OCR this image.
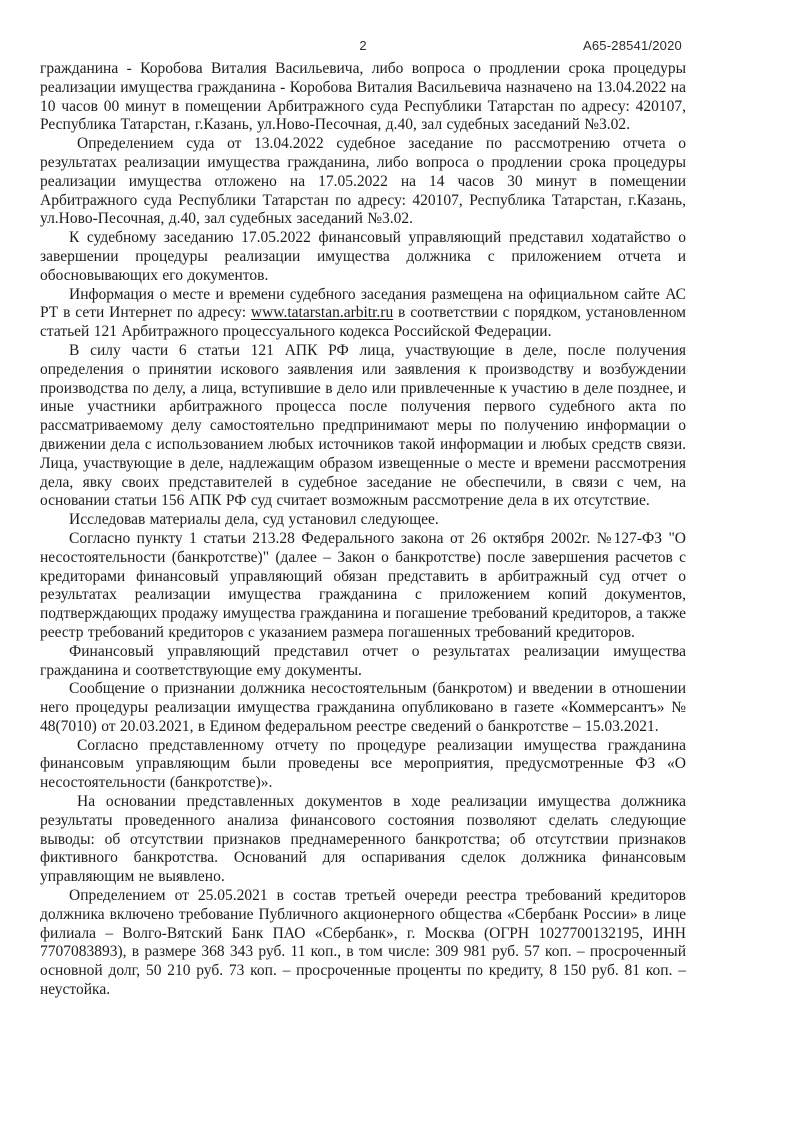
2	А65-28541/2020

гражданина - Коробова Виталия Васильевича, либо вопроса о продлении срока процедуры реализации имущества гражданина - Коробова Виталия Васильевича назначено на 13.04.2022 на 10 часов 00 минут в помещении Арбитражного суда Республики Татарстан по адресу: 420107, Республика Татарстан, г.Казань, ул.Ново-Песочная, д.40, зал судебных заседаний №3.02.

Определением суда от 13.04.2022 судебное заседание по рассмотрению отчета о результатах реализации имущества гражданина, либо вопроса о продлении срока процедуры реализации имущества отложено на 17.05.2022 на 14 часов 30 минут в помещении Арбитражного суда Республики Татарстан по адресу: 420107, Республика Татарстан, г.Казань, ул.Ново-Песочная, д.40, зал судебных заседаний №3.02.

К судебному заседанию 17.05.2022 финансовый управляющий представил ходатайство о завершении процедуры реализации имущества должника с приложением отчета и обосновывающих его документов.

Информация о месте и времени судебного заседания размещена на официальном сайте АС РТ в сети Интернет по адресу: www.tatarstan.arbitr.ru в соответствии с порядком, установленном статьей 121 Арбитражного процессуального кодекса Российской Федерации.

В силу части 6 статьи 121 АПК РФ лица, участвующие в деле, после получения определения о принятии искового заявления или заявления к производству и возбуждении производства по делу, а лица, вступившие в дело или привлеченные к участию в деле позднее, и иные участники арбитражного процесса после получения первого судебного акта по рассматриваемому делу самостоятельно предпринимают меры по получению информации о движении дела с использованием любых источников такой информации и любых средств связи. Лица, участвующие в деле, надлежащим образом извещенные о месте и времени рассмотрения дела, явку своих представителей в судебное заседание не обеспечили, в связи с чем, на основании статьи 156 АПК РФ суд считает возможным рассмотрение дела в их отсутствие.

Исследовав материалы дела, суд установил следующее.

Согласно пункту 1 статьи 213.28 Федерального закона от 26 октября 2002г. №127-ФЗ "О несостоятельности (банкротстве)" (далее – Закон о банкротстве) после завершения расчетов с кредиторами финансовый управляющий обязан представить в арбитражный суд отчет о результатах реализации имущества гражданина с приложением копий документов, подтверждающих продажу имущества гражданина и погашение требований кредиторов, а также реестр требований кредиторов с указанием размера погашенных требований кредиторов.

Финансовый управляющий представил отчет о результатах реализации имущества гражданина и соответствующие ему документы.

Сообщение о признании должника несостоятельным (банкротом) и введении в отношении него процедуры реализации имущества гражданина опубликовано в газете «Коммерсантъ» № 48(7010) от 20.03.2021, в Едином федеральном реестре сведений о банкротстве – 15.03.2021.

Согласно представленному отчету по процедуре реализации имущества гражданина финансовым управляющим были проведены все мероприятия, предусмотренные ФЗ «О несостоятельности (банкротстве)».

На основании представленных документов в ходе реализации имущества должника результаты проведенного анализа финансового состояния позволяют сделать следующие выводы: об отсутствии признаков преднамеренного банкротства; об отсутствии признаков фиктивного банкротства. Оснований для оспаривания сделок должника финансовым управляющим не выявлено.

Определением от 25.05.2021 в состав третьей очереди реестра требований кредиторов должника включено требование Публичного акционерного общества «Сбербанк России» в лице филиала – Волго-Вятский Банк ПАО «Сбербанк», г. Москва (ОГРН 1027700132195, ИНН 7707083893), в размере 368 343 руб. 11 коп., в том числе: 309 981 руб. 57 коп. – просроченный основной долг, 50 210 руб. 73 коп. – просроченные проценты по кредиту, 8 150 руб. 81 коп. – неустойка.
